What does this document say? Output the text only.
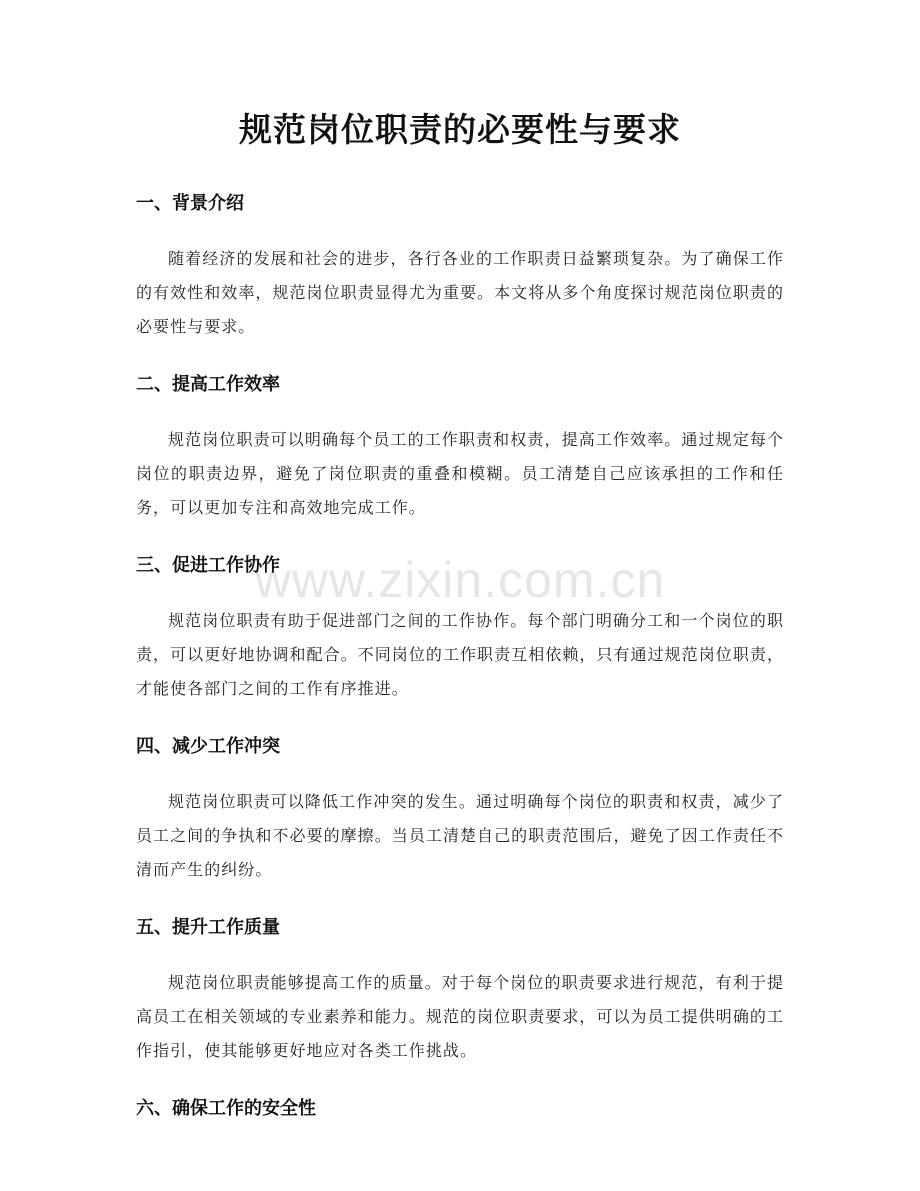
www.zixin.com.cn
规范岗位职责的必要性与要求
一、背景介绍

随着经济的发展和社会的进步，各行各业的工作职责日益繁琐复杂。为了确保工作的有效性和效率，规范岗位职责显得尤为重要。本文将从多个角度探讨规范岗位职责的必要性与要求。

二、提高工作效率

规范岗位职责可以明确每个员工的工作职责和权责，提高工作效率。通过规定每个岗位的职责边界，避免了岗位职责的重叠和模糊。员工清楚自己应该承担的工作和任务，可以更加专注和高效地完成工作。

三、促进工作协作

规范岗位职责有助于促进部门之间的工作协作。每个部门明确分工和一个岗位的职责，可以更好地协调和配合。不同岗位的工作职责互相依赖，只有通过规范岗位职责，才能使各部门之间的工作有序推进。

四、减少工作冲突

规范岗位职责可以降低工作冲突的发生。通过明确每个岗位的职责和权责，减少了员工之间的争执和不必要的摩擦。当员工清楚自己的职责范围后，避免了因工作责任不清而产生的纠纷。

五、提升工作质量

规范岗位职责能够提高工作的质量。对于每个岗位的职责要求进行规范，有利于提高员工在相关领域的专业素养和能力。规范的岗位职责要求，可以为员工提供明确的工作指引，使其能够更好地应对各类工作挑战。

六、确保工作的安全性
